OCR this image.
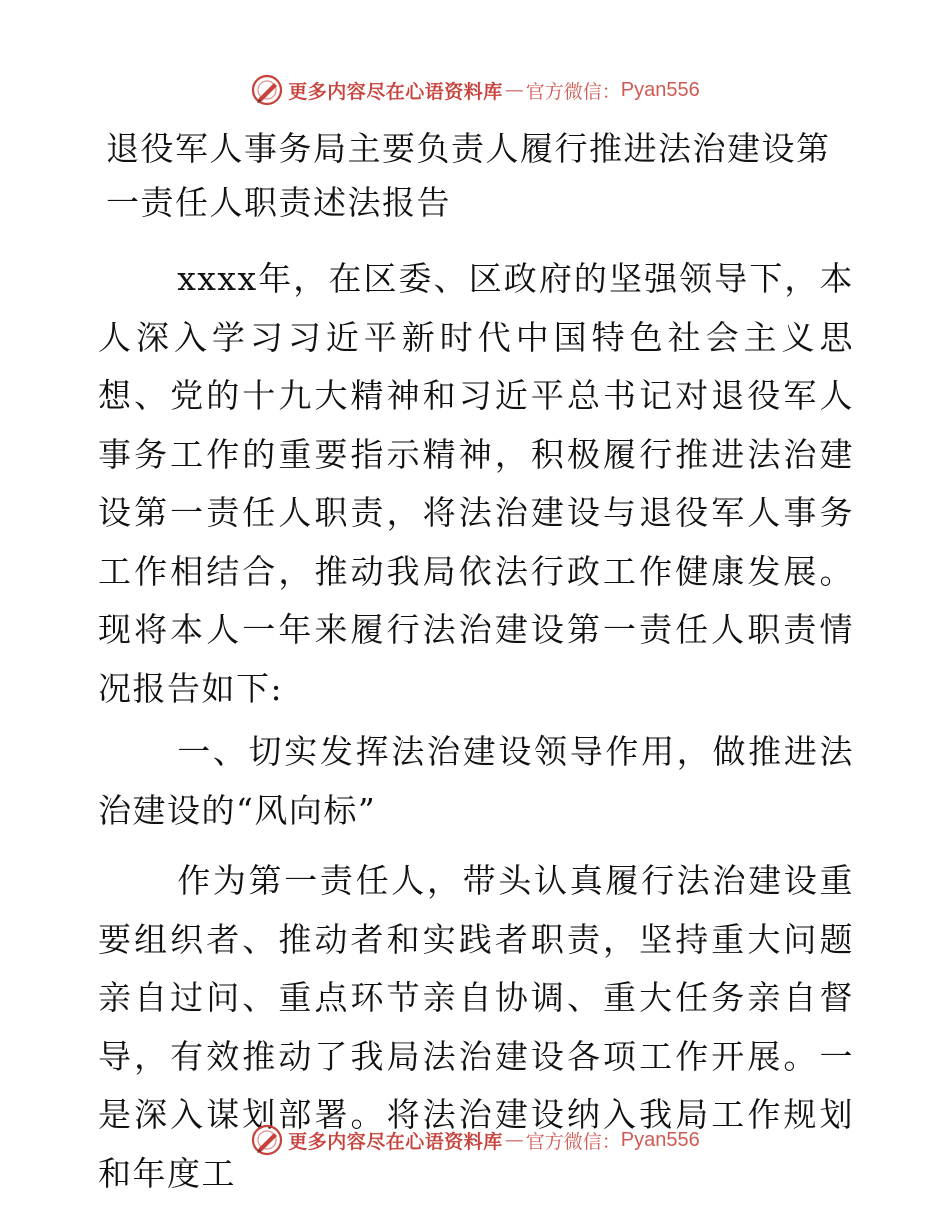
更多内容尽在心语资料库 — 官方微信： Pyan556

退役军人事务局主要负责人履行推进法治建设第一责任人职责述法报告

xxxx年，在区委、区政府的坚强领导下，本人深入学习习近平新时代中国特色社会主义思想、党的十九大精神和习近平总书记对退役军人事务工作的重要指示精神，积极履行推进法治建设第一责任人职责，将法治建设与退役军人事务工作相结合，推动我局依法行政工作健康发展。现将本人一年来履行法治建设第一责任人职责情况报告如下:

一、切实发挥法治建设领导作用，做推进法治建设的“风向标”

作为第一责任人，带头认真履行法治建设重要组织者、推动者和实践者职责，坚持重大问题亲自过问、重点环节亲自协调、重大任务亲自督导，有效推动了我局法治建设各项工作开展。一是深入谋划部署。将法治建设纳入我局工作规划和年度工

更多内容尽在心语资料库 — 官方微信： Pyan556
